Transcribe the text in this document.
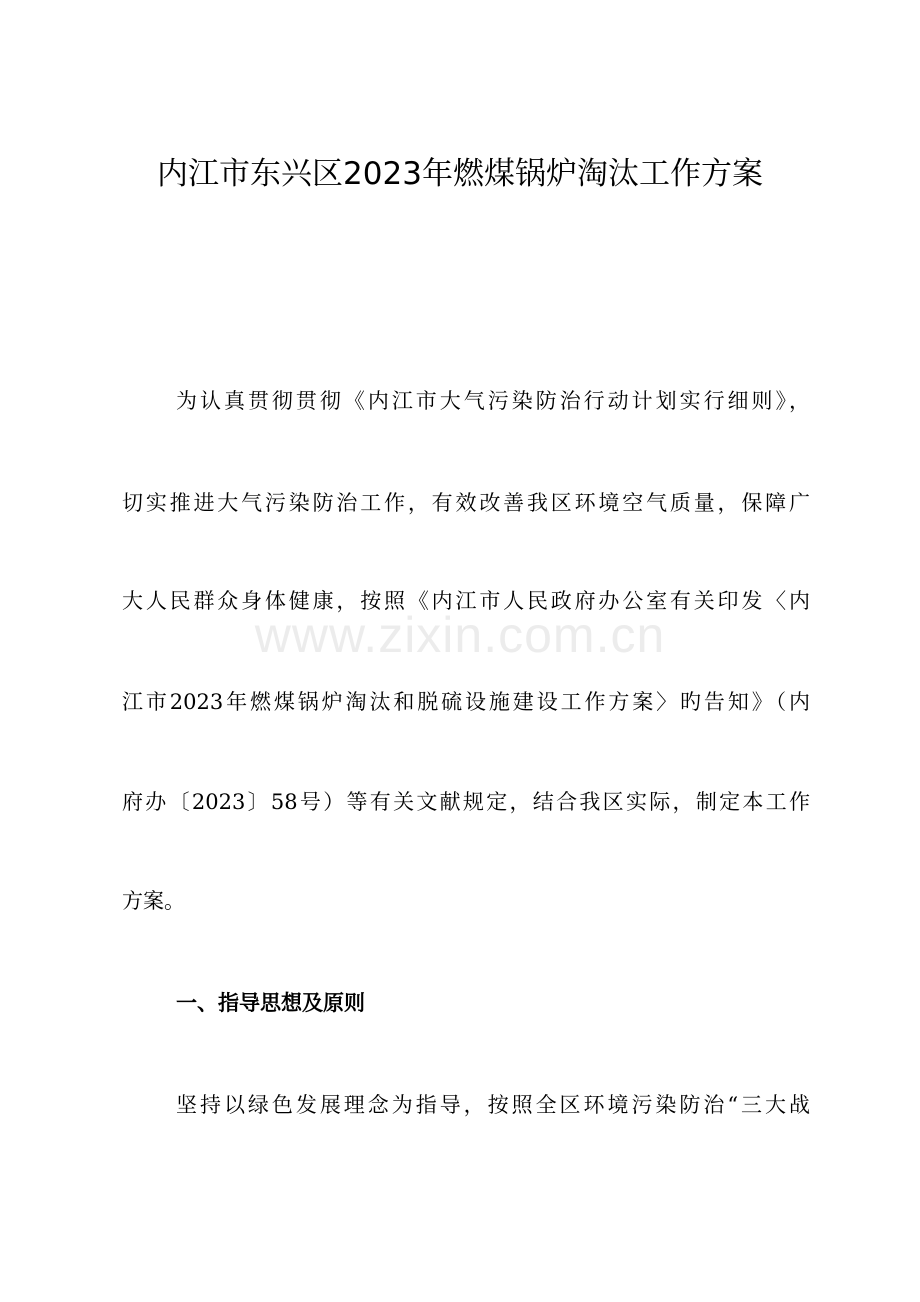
内江市东兴区2023年燃煤锅炉淘汰工作方案
为认真贯彻贯彻《内江市大气污染防治行动计划实行细则》，
切实推进大气污染防治工作，有效改善我区环境空气质量，保障广
大人民群众身体健康，按照《内江市人民政府办公室有关印发〈内
江市2023年燃煤锅炉淘汰和脱硫设施建设工作方案〉旳告知》（内
府办〔2023〕58号）等有关文献规定，结合我区实际，制定本工作
方案。
一、指导思想及原则
坚持以绿色发展理念为指导，按照全区环境污染防治“三大战
www.zixin.com.cn
